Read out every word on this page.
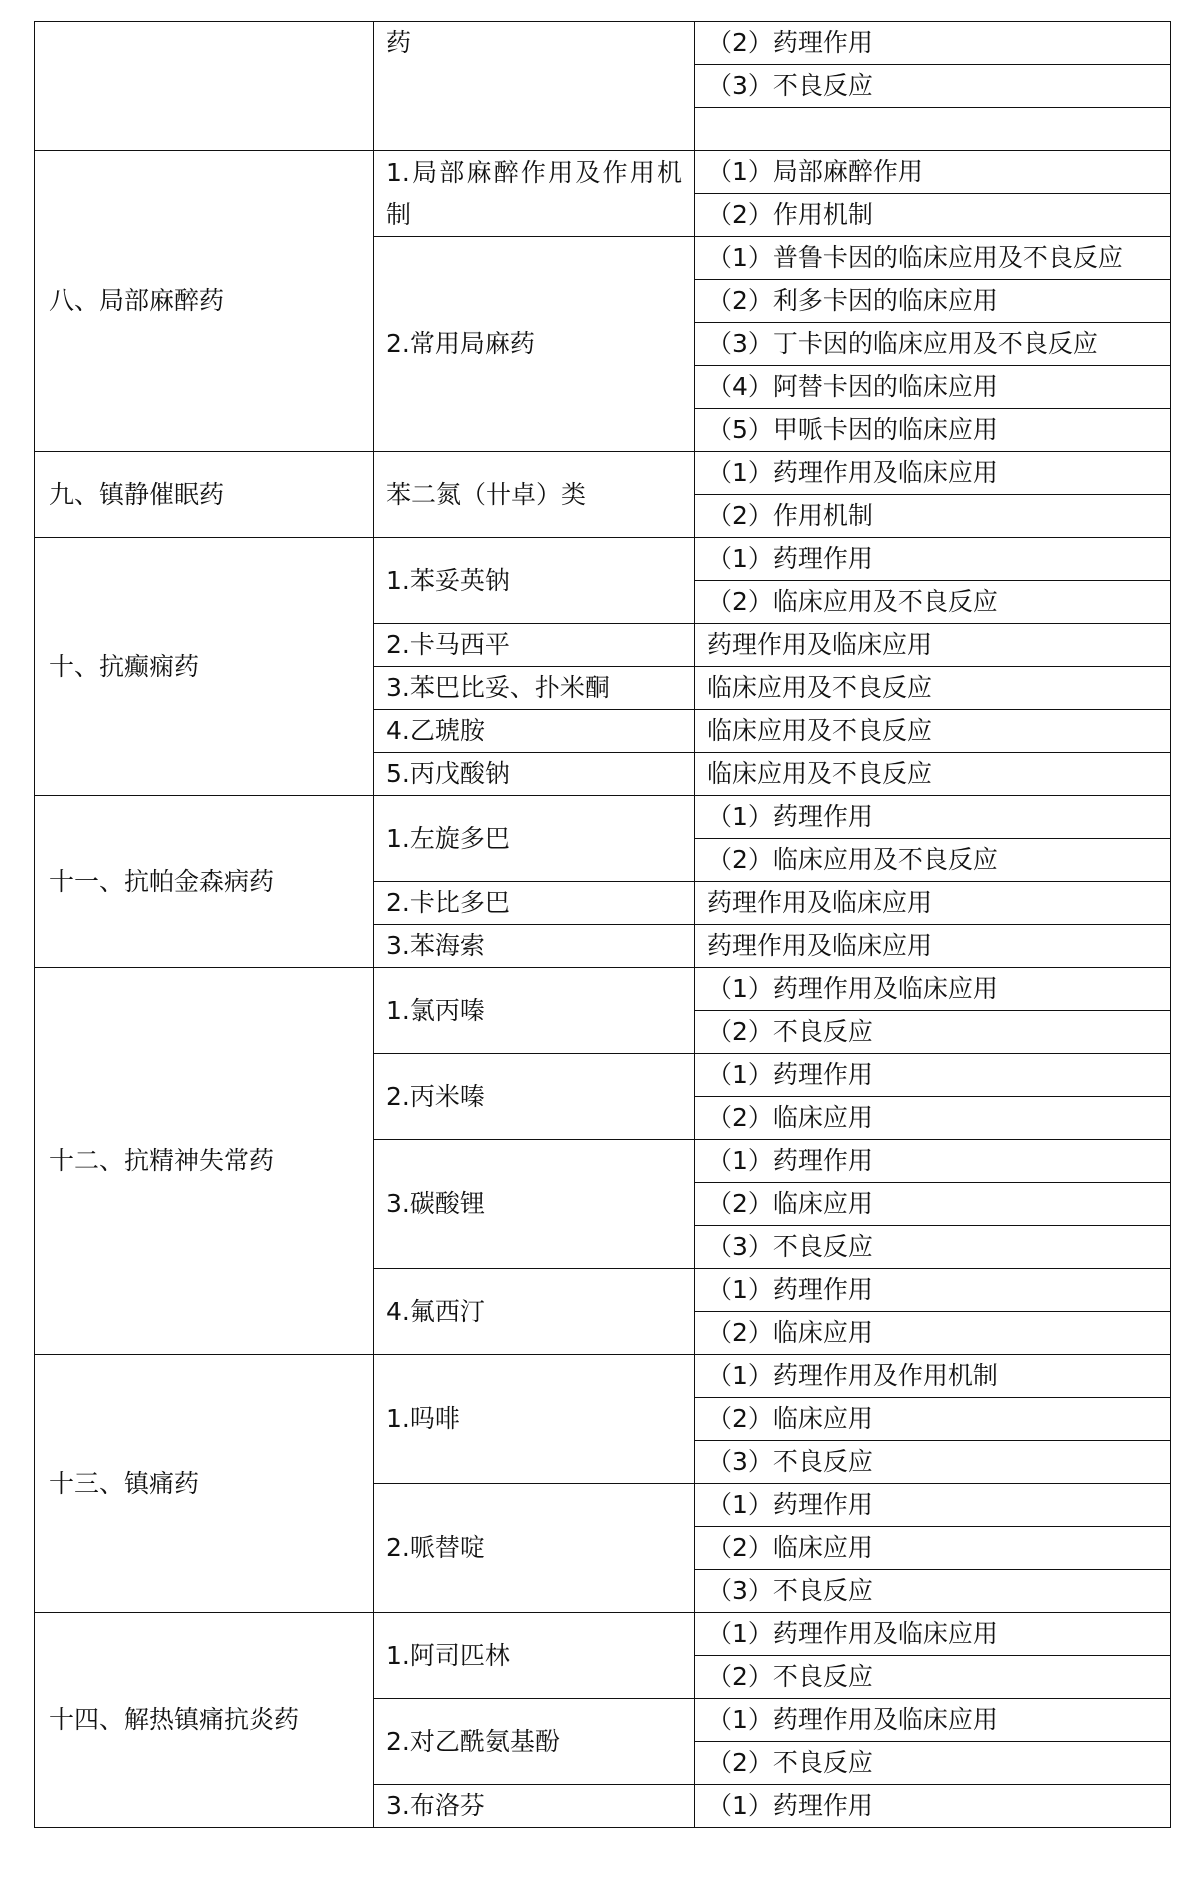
	药	（2）药理作用
		（3）不良反应

八、局部麻醉药	1.局部麻醉作用及作用机制	（1）局部麻醉作用
		（2）作用机制
	2.常用局麻药	（1）普鲁卡因的临床应用及不良反应
		（2）利多卡因的临床应用
		（3）丁卡因的临床应用及不良反应
		（4）阿替卡因的临床应用
		（5）甲哌卡因的临床应用
九、镇静催眠药	苯二氮（卄卓）类	（1）药理作用及临床应用
		（2）作用机制
十、抗癫痫药	1.苯妥英钠	（1）药理作用
		（2）临床应用及不良反应
	2.卡马西平	药理作用及临床应用
	3.苯巴比妥、扑米酮	临床应用及不良反应
	4.乙琥胺	临床应用及不良反应
	5.丙戊酸钠	临床应用及不良反应
十一、抗帕金森病药	1.左旋多巴	（1）药理作用
		（2）临床应用及不良反应
	2.卡比多巴	药理作用及临床应用
	3.苯海索	药理作用及临床应用
十二、抗精神失常药	1.氯丙嗪	（1）药理作用及临床应用
		（2）不良反应
	2.丙米嗪	（1）药理作用
		（2）临床应用
	3.碳酸锂	（1）药理作用
		（2）临床应用
		（3）不良反应
	4.氟西汀	（1）药理作用
		（2）临床应用
十三、镇痛药	1.吗啡	（1）药理作用及作用机制
		（2）临床应用
		（3）不良反应
	2.哌替啶	（1）药理作用
		（2）临床应用
		（3）不良反应
十四、解热镇痛抗炎药	1.阿司匹林	（1）药理作用及临床应用
		（2）不良反应
	2.对乙酰氨基酚	（1）药理作用及临床应用
		（2）不良反应
	3.布洛芬	（1）药理作用
